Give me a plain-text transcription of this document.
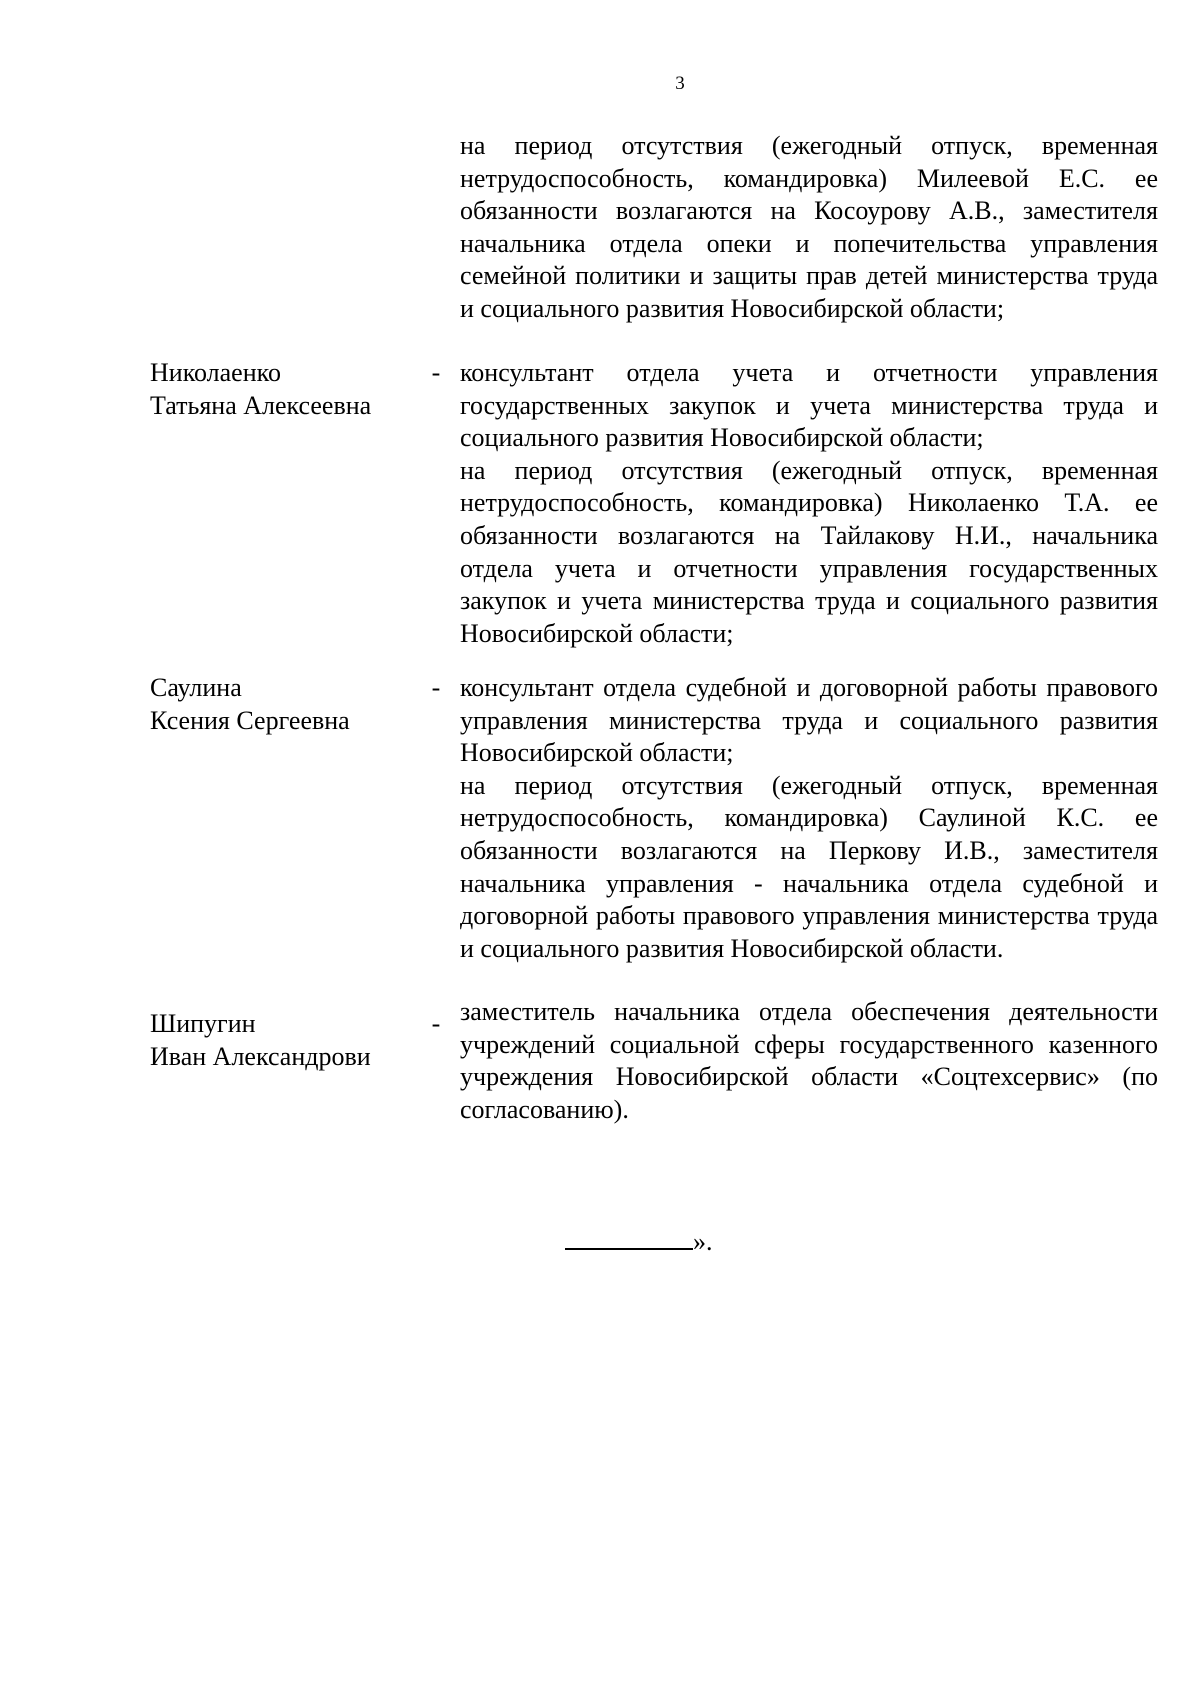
3
на период отсутствия (ежегодный отпуск, временная нетрудоспособность, командировка) Милеевой Е.С. ее обязанности возлагаются на Косоурову А.В., заместителя начальника отдела опеки и попечительства управления семейной политики и защиты прав детей министерства труда и социального развития Новосибирской области;
Николаенко
Татьяна Алексеевна
- консультант отдела учета и отчетности управления государственных закупок и учета министерства труда и социального развития Новосибирской области;

на период отсутствия (ежегодный отпуск, временная нетрудоспособность, командировка) Николаенко Т.А. ее обязанности возлагаются на Тайлакову Н.И., начальника отдела учета и отчетности управления государственных закупок и учета министерства труда и социального развития Новосибирской области;

Саулина
Ксения Сергеевна
- консультант отдела судебной и договорной работы правового управления министерства труда и социального развития Новосибирской области;

на период отсутствия (ежегодный отпуск, временная нетрудоспособность, командировка) Саулиной К.С. ее обязанности возлагаются на Перкову И.В., заместителя начальника управления - начальника отдела судебной и договорной работы правового управления министерства труда и социального развития Новосибирской области.

Шипугин
Иван Александрови
- заместитель начальника отдела обеспечения деятельности учреждений социальной сферы государственного казенного учреждения Новосибирской области «Соцтехсервис» (по согласованию).

».
